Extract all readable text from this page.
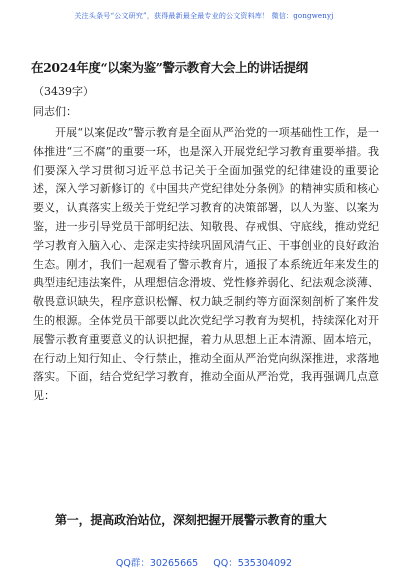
关注头条号“公文研究”，获得最新最全最专业的公文资料库！ 微信：gongwenyj
在2024年度“以案为鉴”警示教育大会上的讲话提纲
（3439字）
同志们：

开展“以案促改”警示教育是全面从严治党的一项基础性工作，是一体推进“三不腐”的重要一环，也是深入开展党纪学习教育重要举措。我们要深入学习贯彻习近平总书记关于全面加强党的纪律建设的重要论述，深入学习新修订的《中国共产党纪律处分条例》的精神实质和核心要义，认真落实上级关于党纪学习教育的决策部署，以人为鉴、以案为鉴，进一步引导党员干部明纪法、知敬畏、存戒惧、守底线，推动党纪学习教育入脑入心、走深走实持续巩固风清气正、干事创业的良好政治生态。刚才，我们一起观看了警示教育片，通报了本系统近年来发生的典型违纪违法案件，从理想信念滑坡、党性修养弱化、纪法观念淡薄、敬畏意识缺失，程序意识松懈、权力缺乏制约等方面深刻剖析了案件发生的根源。全体党员干部要以此次党纪学习教育为契机，持续深化对开展警示教育重要意义的认识把握，着力从思想上正本清源、固本培元，在行动上知行知止、令行禁止，推动全面从严治党向纵深推进，求落地落实。下面，结合党纪学习教育，推动全面从严治党，我再强调几点意见：

第一，提高政治站位，深刻把握开展警示教育的重大
QQ群：30265665 QQ：535304092
